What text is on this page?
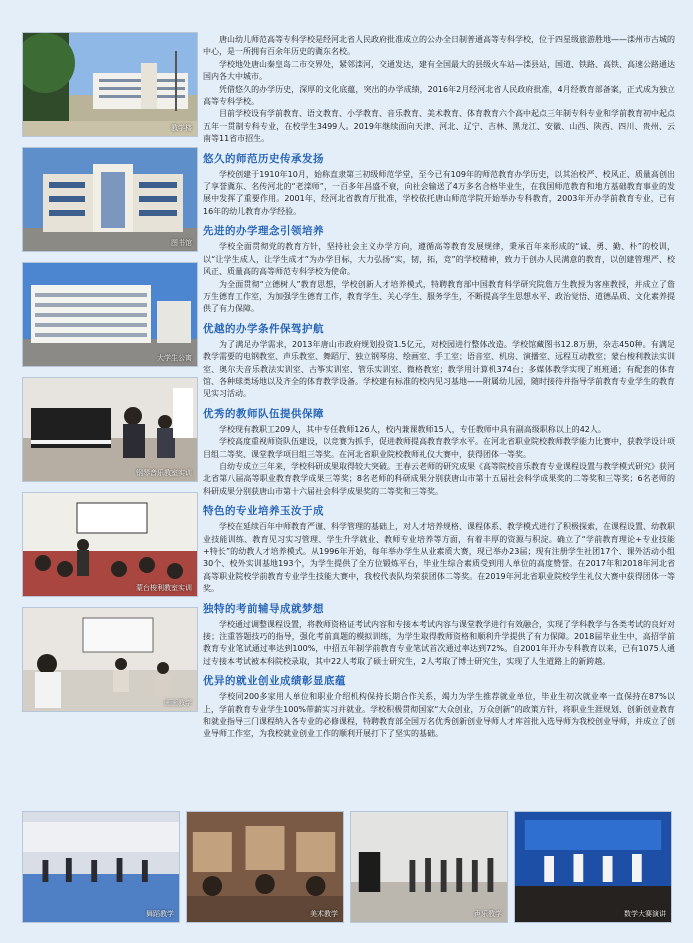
教学楼
图书馆
大学生公寓
钢琴音乐教室实训
蒙台梭利教室实训
画画教学

唐山幼儿师范高等专科学校是经河北省人民政府批准成立的公办全日制普通高等专科学校，位于四星级旅游胜地——滦州市古城的中心，是一所拥有百余年历史的冀东名校。

学校地处唐山秦皇岛二市交界处，紧邻滦河，交通发达，建有全国最大的县级火车站—滦县站，国道、铁路、高铁、高速公路通达国内各大中城市。

凭借悠久的办学历史，深厚的文化底蕴，突出的办学成绩，2016年2月经河北省人民政府批准，4月经教育部备案，正式成为独立高等专科学校。

目前学校设有学前教育、语文教育、小学教育、音乐教育、美术教育、体育教育六个高中起点三年制专科专业和学前教育初中起点五年一贯制专科专业，在校学生3499人。2019年继续面向天津、河北、辽宁、吉林、黑龙江、安徽、山西、陕西、四川、贵州、云南等11省市招生。

悠久的师范历史传承发扬

学校创建于1910年10月，始称直隶第三初级师范学堂，至今已有109年的师范教育办学历史，以其治校严、校风正、质量高创出了享誉冀东、名传河北的“老滦师”，一百多年昌盛不衰，向社会输送了4万多名合格毕业生，在我国师范教育和地方基础教育事业的发展中发挥了重要作用。2001年，经河北省教育厅批准，学校依托唐山师范学院开始举办专科教育，2003年开办学前教育专业，已有16年的幼儿教育办学经验。

先进的办学理念引领培养

学校全面贯彻党的教育方针，坚持社会主义办学方向，遵循高等教育发展规律，秉承百年来形成的“诚、勇、勤、朴”的校训，以“让学生成人，让学生成才”为办学目标，大力弘扬“实，韧，拓，竞”的学校精神，致力于创办人民满意的教育，以创建管理严、校风正、质量高的高等师范专科学校为使命。

为全面贯彻“立德树人”教育思想，学校创新人才培养模式，特聘教育部中国教育科学研究院詹万生教授为客座教授，并成立了詹万生德育工作室，为加强学生德育工作，教育学生、关心学生、服务学生，不断提高学生思想水平、政治觉悟、道德品质、文化素养提供了有力保障。

优越的办学条件保驾护航

为了满足办学需求，2013年唐山市政府规划投资1.5亿元，对校园进行整体改造。学校馆藏图书12.8万册，杂志450种。有满足教学需要的电钢教室、声乐教室、舞蹈厅、独立钢琴房、绘画室、手工室；语音室、机房、演播室、远程互动教室；蒙台梭利教法实训室、奥尔夫音乐教法实训室、古筝实训室、管乐实训室、微格教室；教学用计算机374台；多媒体教学实现了班班通；有配套的体育馆、各种球类场地以及齐全的体育教学设备。学校建有标准的校内见习基地——附属幼儿园，随时接待并指导学前教育专业学生的教育见实习活动。

优秀的教师队伍提供保障

学校现有教职工209人，其中专任教师126人，校内兼课教师15人，专任教师中具有副高级职称以上的42人。

学校高度重视师资队伍建设，以竞赛为抓手，促进教师提高教育教学水平。在河北省职业院校教师教学能力比赛中，获教学设计项目组二等奖、课堂教学项目组三等奖。在河北省职业院校教师礼仪大赛中，获得团体一等奖。

自幼专成立三年来，学校科研成果取得较大突破。王春云老师的研究成果《高等院校音乐教育专业课程设置与教学模式研究》获河北省第八届高等职业教育教学成果三等奖；8名老师的科研成果分别获唐山市第十五届社会科学成果奖的二等奖和三等奖；6名老师的科研成果分别获唐山市第十六届社会科学成果奖的二等奖和三等奖。

特色的专业培养玉汝于成

学校在延续百年中师教育严谨、科学管理的基础上，对人才培养规格、课程体系、教学模式进行了积极探索，在课程设置、幼教职业技能训练、教育见习实习管理、学生升学就业、教师专业培养等方面，有着丰厚的资源与积淀。确立了“学前教育理论+专业技能+特长”的幼教人才培养模式。从1996年开始，每年举办学生从业素质大赛，现已举办23届；现有注册学生社团17个、课外活动小组30个、校外实训基地193个，为学生提供了全方位锻炼平台，毕业生综合素质受到用人单位的高度赞誉。在2017年和2018年河北省高等职业院校学前教育专业学生技能大赛中，我校代表队均荣获团体二等奖。在2019年河北省职业院校学生礼仪大赛中获得团体一等奖。

独特的考前辅导成就梦想

学校通过调整课程设置，将教师资格证考试内容和专接本考试内容与课堂教学进行有效融合，实现了学科教学与各类考试的良好对接；注重答题技巧的指导，强化考前真题的模拟训练，为学生取得教师资格和顺利升学提供了有力保障。2018届毕业生中，高招学前教育专业笔试通过率达到100%，中招五年制学前教育专业笔试首次通过率达到72%。自2001年开办专科教育以来，已有1075人通过专接本考试被本科院校录取，其中22人考取了硕士研究生，2人考取了博士研究生，实现了人生道路上的新跨越。

优异的就业创业成绩彰显底蕴

学校同200多家用人单位和职业介绍机构保持长期合作关系，竭力为学生推荐就业单位，毕业生初次就业率一直保持在87%以上，学前教育专业学生100%带薪实习并就业。学校积极贯彻国家“大众创业，万众创新”的政策方针，将职业生涯规划、创新创业教育和就业指导三门课程纳入各专业的必修课程，特聘教育部全国万名优秀创新创业导师人才库首批入选导师为我校创业导师，并成立了创业导师工作室，为我校就业创业工作的顺利开展打下了坚实的基础。

舞蹈教学	美术教学	声乐教学	数学大赛演讲
